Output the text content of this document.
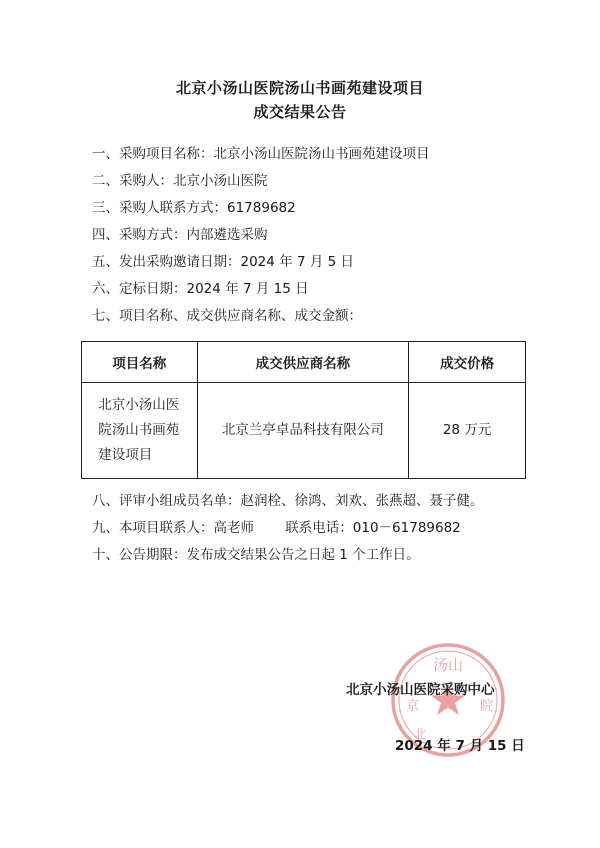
北京小汤山医院汤山书画苑建设项目
成交结果公告
一、采购项目名称：北京小汤山医院汤山书画苑建设项目
二、采购人：北京小汤山医院
三、采购人联系方式：61789682
四、采购方式：内部遴选采购
五、发出采购邀请日期：2024 年 7 月 5 日
六、定标日期：2024 年 7 月 15 日
七、项目名称、成交供应商名称、成交金额：
项目名称	成交供应商名称	成交价格
北京小汤山医院汤山书画苑建设项目	北京兰亭卓品科技有限公司	28 万元
八、评审小组成员名单：赵润栓、徐鸿、刘欢、张燕超、聂子健。
九、本项目联系人：高老师　　 联系电话：010－61789682
十、公告期限：发布成交结果公告之日起 1 个工作日。
汤山
京	院
北
北京小汤山医院采购中心
2024 年 7 月 15 日
